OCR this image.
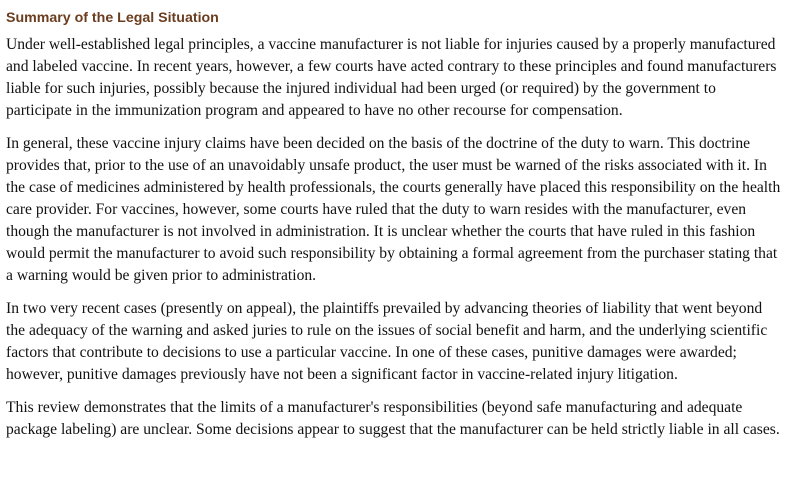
Summary of the Legal Situation

Under well-established legal principles, a vaccine manufacturer is not liable for injuries caused by a properly manufactured and labeled vaccine. In recent years, however, a few courts have acted contrary to these principles and found manufacturers liable for such injuries, possibly because the injured individual had been urged (or required) by the government to participate in the immunization program and appeared to have no other recourse for compensation.

In general, these vaccine injury claims have been decided on the basis of the doctrine of the duty to warn. This doctrine provides that, prior to the use of an unavoidably unsafe product, the user must be warned of the risks associated with it. In the case of medicines administered by health professionals, the courts generally have placed this responsibility on the health care provider. For vaccines, however, some courts have ruled that the duty to warn resides with the manufacturer, even though the manufacturer is not involved in administration. It is unclear whether the courts that have ruled in this fashion would permit the manufacturer to avoid such responsibility by obtaining a formal agreement from the purchaser stating that a warning would be given prior to administration.

In two very recent cases (presently on appeal), the plaintiffs prevailed by advancing theories of liability that went beyond the adequacy of the warning and asked juries to rule on the issues of social benefit and harm, and the underlying scientific factors that contribute to decisions to use a particular vaccine. In one of these cases, punitive damages were awarded; however, punitive damages previously have not been a significant factor in vaccine-related injury litigation.

This review demonstrates that the limits of a manufacturer's responsibilities (beyond safe manufacturing and adequate package labeling) are unclear. Some decisions appear to suggest that the manufacturer can be held strictly liable in all cases.
